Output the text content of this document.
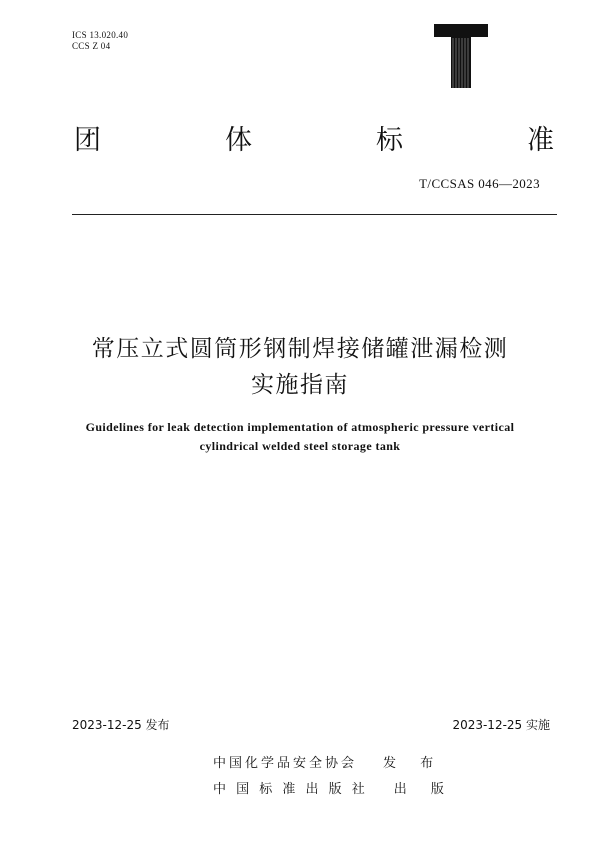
ICS 13.020.40
CCS Z 04
团	体	标	准
T/CCSAS 046—2023
常压立式圆筒形钢制焊接储罐泄漏检测
实施指南
Guidelines for leak detection implementation of atmospheric pressure vertical
cylindrical welded steel storage tank
2023-12-25 发布	2023-12-25 实施
中国化学品安全协会 发 布
中 国 标 准 出 版 社 出 版
